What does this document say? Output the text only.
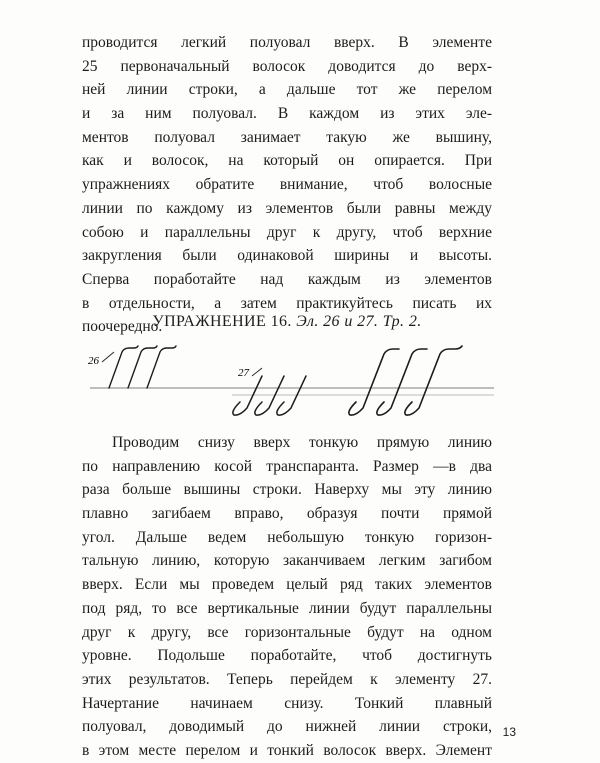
проводится легкий полуовал вверх. В элементе
25 первоначальный волосок доводится до верх-
ней линии строки, а дальше тот же перелом
и за ним полуовал. В каждом из этих эле-
ментов полуовал занимает такую же вышину,
как и волосок, на который он опирается. При
упражнениях обратите внимание, чтоб волосные
линии по каждому из элементов были равны между
собою и параллельны друг к другу, чтоб верхние
закругления были одинаковой ширины и высоты.
Сперва поработайте над каждым из элементов
в отдельности, а затем практикуйтесь писать их
поочередно.
УПРАЖНЕНИЕ 16. Эл. 26 и 27. Тр. 2.
26
27
Проводим снизу вверх тонкую прямую линию
по направлению косой транспаранта. Размер —в два
раза больше вышины строки. Наверху мы эту линию
плавно загибаем вправо, образуя почти прямой
угол. Дальше ведем небольшую тонкую горизон-
тальную линию, которую заканчиваем легким загибом
вверх. Если мы проведем целый ряд таких элементов
под ряд, то все вертикальные линии будут параллельны
друг к другу, все горизонтальные будут на одном
уровне. Подольше поработайте, чтоб достигнуть
этих результатов. Теперь перейдем к элементу 27.
Начертание начинаем снизу. Тонкий плавный
полуовал, доводимый до нижней линии строки,
в этом месте перелом и тонкий волосок вверх. Элемент
13
